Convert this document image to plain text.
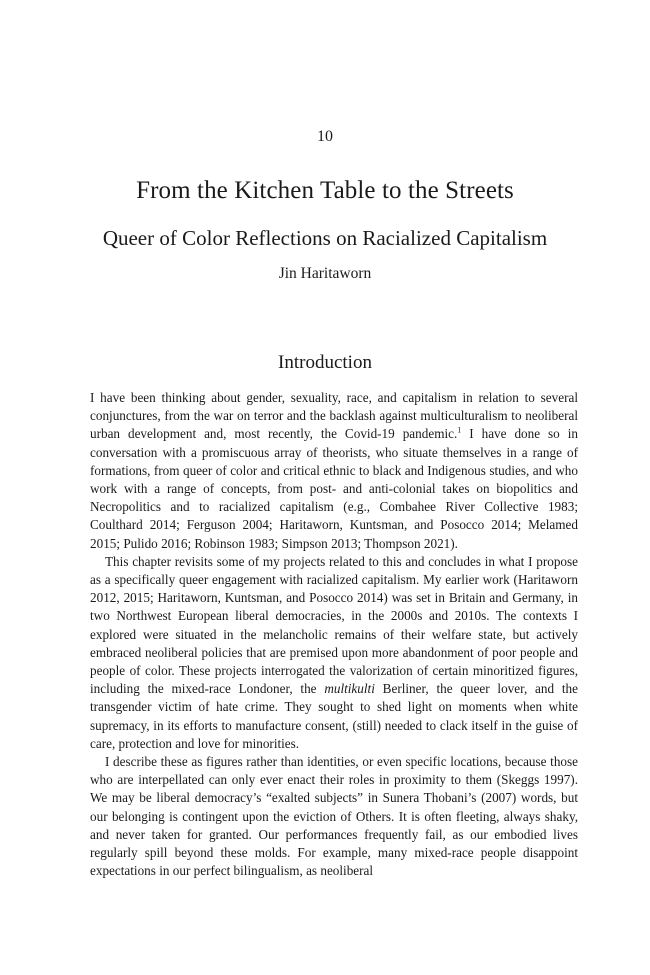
10
From the Kitchen Table to the Streets
Queer of Color Reflections on Racialized Capitalism
Jin Haritaworn
Introduction

I have been thinking about gender, sexuality, race, and capitalism in relation to several conjunctures, from the war on terror and the backlash against multiculturalism to neoliberal urban development and, most recently, the Covid-19 pandemic.$^1$ I have done so in conversation with a promiscuous array of theorists, who situate themselves in a range of formations, from queer of color and critical ethnic to black and Indigenous studies, and who work with a range of concepts, from post- and anti-colonial takes on biopolitics and Necropolitics and to racialized capitalism (e.g., Combahee River Collective 1983; Coulthard 2014; Ferguson 2004; Haritaworn, Kuntsman, and Posocco 2014; Melamed 2015; Pulido 2016; Robinson 1983; Simpson 2013; Thompson 2021).

This chapter revisits some of my projects related to this and concludes in what I propose as a specifically queer engagement with racialized capitalism. My earlier work (Haritaworn 2012, 2015; Haritaworn, Kuntsman, and Posocco 2014) was set in Britain and Germany, in two Northwest European liberal democracies, in the 2000s and 2010s. The contexts I explored were situated in the melancholic remains of their welfare state, but actively embraced neoliberal policies that are premised upon more abandonment of poor people and people of color. These projects interrogated the valorization of certain minoritized figures, including the mixed-race Londoner, the multikulti Berliner, the queer lover, and the transgender victim of hate crime. They sought to shed light on moments when white supremacy, in its efforts to manufacture consent, (still) needed to clack itself in the guise of care, protection and love for minorities.

I describe these as figures rather than identities, or even specific locations, because those who are interpellated can only ever enact their roles in proximity to them (Skeggs 1997). We may be liberal democracy’s “exalted subjects” in Sunera Thobani’s (2007) words, but our belonging is contingent upon the eviction of Others. It is often fleeting, always shaky, and never taken for granted. Our performances frequently fail, as our embodied lives regularly spill beyond these molds. For example, many mixed-race people disappoint expectations in our perfect bilingualism, as neoliberal
